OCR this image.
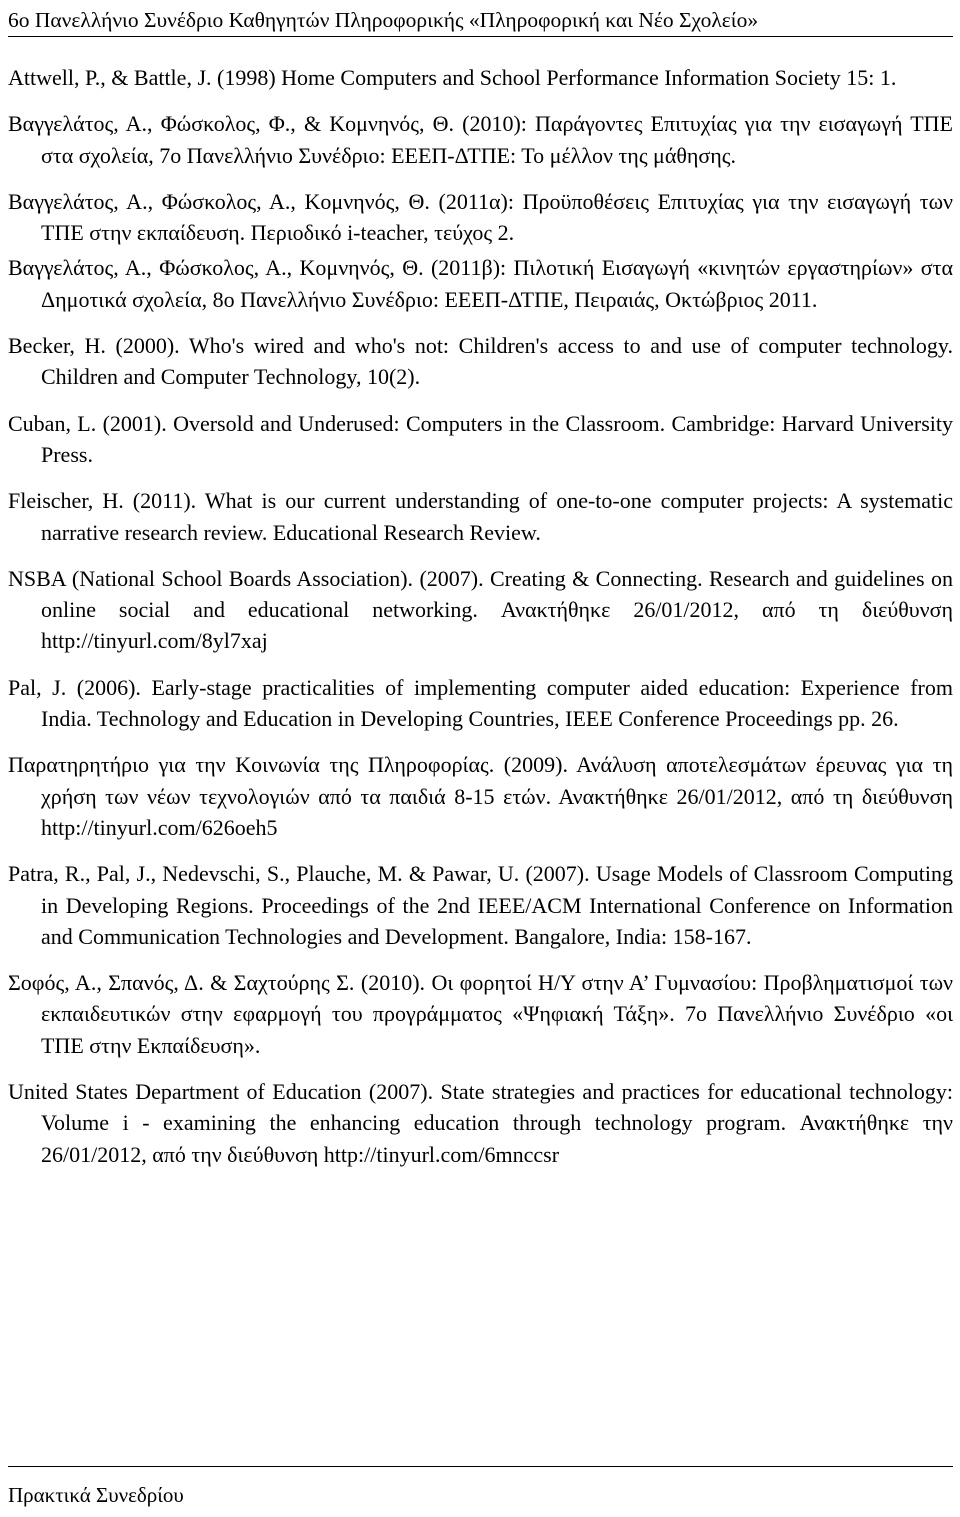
6ο Πανελλήνιο Συνέδριο Καθηγητών Πληροφορικής «Πληροφορική και Νέο Σχολείο»

Attwell, P., & Battle, J. (1998) Home Computers and School Performance Information Society 15: 1.

Βαγγελάτος, Α., Φώσκολος, Φ., & Κομνηνός, Θ. (2010): Παράγοντες Επιτυχίας για την εισαγωγή ΤΠΕ στα σχολεία, 7ο Πανελλήνιο Συνέδριο: ΕΕΕΠ-ΔΤΠΕ: Το μέλλον της μάθησης.

Βαγγελάτος, Α., Φώσκολος, Α., Κομνηνός, Θ. (2011α): Προϋποθέσεις Επιτυχίας για την εισαγωγή των ΤΠΕ στην εκπαίδευση. Περιοδικό i-teacher, τεύχος 2.

Βαγγελάτος, Α., Φώσκολος, Α., Κομνηνός, Θ. (2011β): Πιλοτική Εισαγωγή «κινητών εργαστηρίων» στα Δημοτικά σχολεία, 8ο Πανελλήνιο Συνέδριο: ΕΕΕΠ-ΔΤΠΕ, Πειραιάς, Οκτώβριος 2011.

Becker, H. (2000). Who's wired and who's not: Children's access to and use of computer technology. Children and Computer Technology, 10(2).

Cuban, L. (2001). Oversold and Underused: Computers in the Classroom. Cambridge: Harvard University Press.

Fleischer, H. (2011). What is our current understanding of one-to-one computer projects: A systematic narrative research review. Educational Research Review.

NSBA (National School Boards Association). (2007). Creating & Connecting. Research and guidelines on online social and educational networking. Ανακτήθηκε 26/01/2012, από τη διεύθυνση http://tinyurl.com/8yl7xaj

Pal, J. (2006). Early-stage practicalities of implementing computer aided education: Experience from India. Technology and Education in Developing Countries, IEEE Conference Proceedings pp. 26.

Παρατηρητήριο για την Κοινωνία της Πληροφορίας. (2009). Ανάλυση αποτελεσμάτων έρευνας για τη χρήση των νέων τεχνολογιών από τα παιδιά 8-15 ετών. Ανακτήθηκε 26/01/2012, από τη διεύθυνση http://tinyurl.com/626oeh5

Patra, R., Pal, J., Nedevschi, S., Plauche, M. & Pawar, U. (2007). Usage Models of Classroom Computing in Developing Regions. Proceedings of the 2nd IEEE/ACM International Conference on Information and Communication Technologies and Development. Bangalore, India: 158-167.

Σοφός, Α., Σπανός, Δ. & Σαχτούρης Σ. (2010). Οι φορητοί Η/Υ στην Α’ Γυμνασίου: Προβληματισμοί των εκπαιδευτικών στην εφαρμογή του προγράμματος «Ψηφιακή Τάξη». 7ο Πανελλήνιο Συνέδριο «οι ΤΠΕ στην Εκπαίδευση».

United States Department of Education (2007). State strategies and practices for educational technology: Volume i - examining the enhancing education through technology program. Ανακτήθηκε την 26/01/2012, από την διεύθυνση http://tinyurl.com/6mnccsr

Πρακτικά Συνεδρίου
